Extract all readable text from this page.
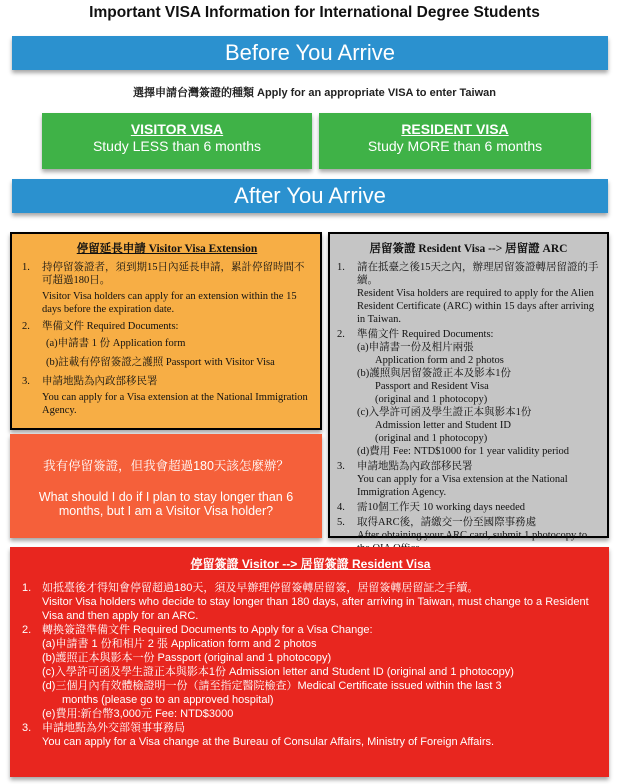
Important VISA Information for International Degree Students
Before You Arrive
選擇申請台灣簽證的種類 Apply for an appropriate VISA to enter Taiwan
VISITOR VISA
Study LESS than 6 months
RESIDENT VISA
Study MORE than 6 months
After You Arrive
停留延長申請 Visitor Visa Extension
1.	持停留簽證者，須到期15日內延長申請，累計停留時間不可超過180日。
Visitor Visa holders can apply for an extension within the 15 days before the expiration date.
2.	準備文件 Required Documents:
(a)申請書 1 份 Application form
(b)註載有停留簽證之護照 Passport with Visitor Visa
3.	申請地點為內政部移民署
You can apply for a Visa extension at the National Immigration Agency.
我有停留簽證，但我會超過180天該怎麼辦？
What should I do if I plan to stay longer than 6 months, but I am a Visitor Visa holder?
居留簽證 Resident Visa --> 居留證 ARC
1.	請在抵臺之後15天之內，辦理居留簽證轉居留證的手續。
Resident Visa holders are required to apply for the Alien Resident Certificate (ARC) within 15 days after arriving in Taiwan.
2.	準備文件 Required Documents:
(a)申請書一份及相片兩張
Application form and 2 photos
(b)護照與居留簽證正本及影本1份
Passport and Resident Visa
(original and 1 photocopy)
(c)入學許可函及學生證正本與影本1份
Admission letter and Student ID
(original and 1 photocopy)
(d)費用 Fee: NTD$1000 for 1 year validity period
3.	申請地點為內政部移民署
You can apply for a Visa extension at the National Immigration Agency.
4.	需10個工作天 10 working days needed
5.	取得ARC後，請繳交一份至國際事務處
After obtaining your ARC card, submit 1 photocopy to
停留簽證 Visitor --> 居留簽證 Resident Visa
1. 如抵臺後才得知會停留超過180天，須及早辦理停留簽轉居留簽，居留簽轉居留証之手續。
Visitor Visa holders who decide to stay longer than 180 days, after arriving in Taiwan, must change to a Resident Visa and then apply for an ARC.
2. 轉換簽證準備文件 Required Documents to Apply for a Visa Change:
(a)申請書 1 份和相片 2 張 Application form and 2 photos
(b)護照正本與影本一份 Passport (original and 1 photocopy)
(c)入學許可函及學生證正本與影本1份 Admission letter and Student ID (original and 1 photocopy)
(d)三個月內有效體檢證明一份（請至指定醫院檢查）Medical Certificate issued within the last 3
months (please go to an approved hospital)
(e)費用:新台幣3,000元 Fee: NTD$3000
3. 申請地點為外交部領事事務局
You can apply for a Visa change at the Bureau of Consular Affairs, Ministry of Foreign Affairs.
